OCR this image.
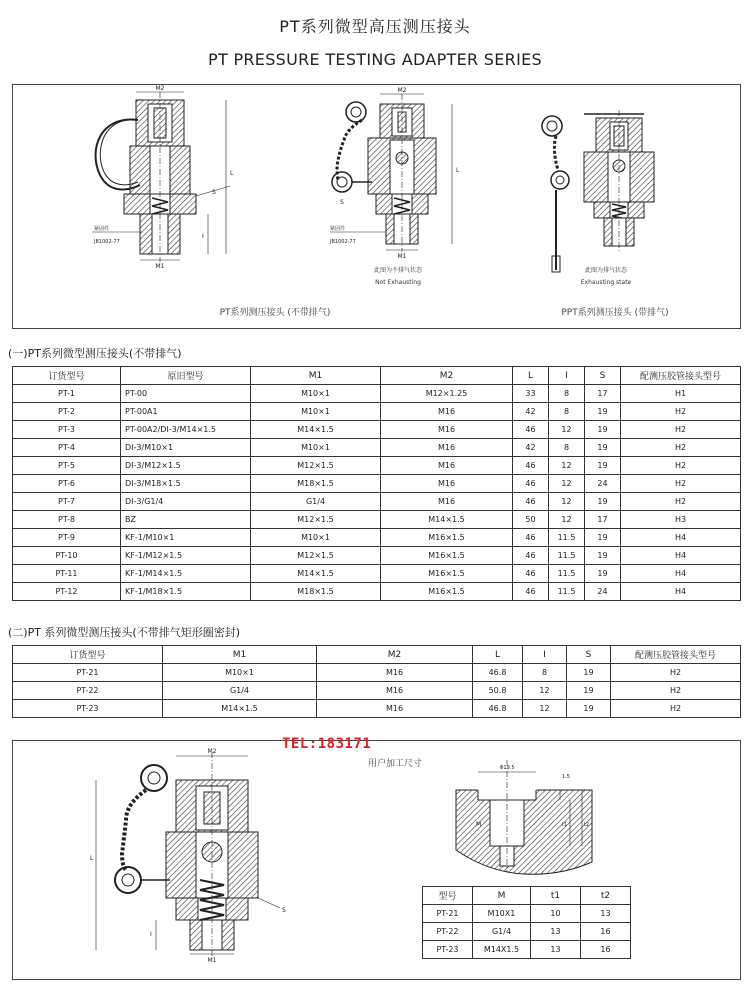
PT系列微型高压测压接头
PT PRESSURE TESTING ADAPTER SERIES
M2
M1
L
I
S
紧固件
JB1002-77
M2
M1
L
S
紧固件
JB1002-77
此图为不排气状态
Not Exhausting
此图为排气状态
Exhausting state
PT系列测压接头 (不带排气)	PPT系列测压接头 (带排气)
(一)PT系列微型测压接头(不带排气)
订货型号	原旧型号	M1	M2	L	I	S	配测压胶管接头型号
PT-1	PT-00	M10×1	M12×1.25	33	8	17	H1
PT-2	PT-00A1	M10×1	M16	42	8	19	H2
PT-3	PT-00A2/DI-3/M14×1.5	M14×1.5	M16	46	12	19	H2
PT-4	DI-3/M10×1	M10×1	M16	42	8	19	H2
PT-5	DI-3/M12×1.5	M12×1.5	M16	46	12	19	H2
PT-6	DI-3/M18×1.5	M18×1.5	M16	46	12	24	H2
PT-7	DI-3/G1/4	G1/4	M16	46	12	19	H2
PT-8	BZ	M12×1.5	M14×1.5	50	12	17	H3
PT-9	KF-1/M10×1	M10×1	M16×1.5	46	11.5	19	H4
PT-10	KF-1/M12×1.5	M12×1.5	M16×1.5	46	11.5	19	H4
PT-11	KF-1/M14×1.5	M14×1.5	M16×1.5	46	11.5	19	H4
PT-12	KF-1/M18×1.5	M18×1.5	M16×1.5	46	11.5	24	H4
(二)PT 系列微型测压接头(不带排气矩形圈密封)
订货型号	M1	M2	L	I	S	配测压胶管接头型号
PT-21	M10×1	M16	46.8	8	19	H2
PT-22	G1/4	M16	50.8	12	19	H2
PT-23	M14×1.5	M16	46.8	12	19	H2
M2
M1
L
I
S
Φ19.5
1.5
M	t1	t2
TEL:183171
用户加工尺寸
型号	M	t1	t2
PT-21	M10X1	10	13
PT-22	G1/4	13	16
PT-23	M14X1.5	13	16
